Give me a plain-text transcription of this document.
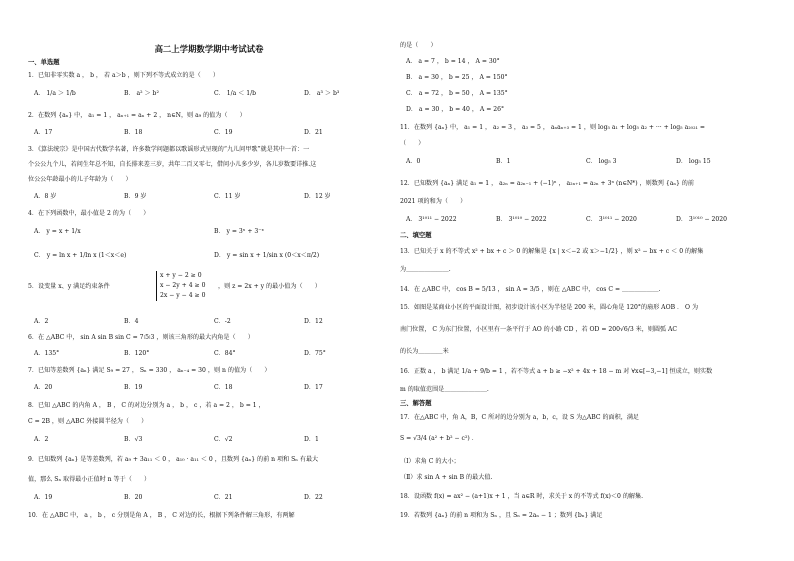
高二上学期数学期中考试试卷
一、单选题
1．已知非零实数 a ， b ， 若 a＞b ，则下列不等式成立的是（　　）
A． 1/a ＞ 1/b	B． a² ＞ b²	C． 1/a ＜ 1/b	D． a³ ＞ b³
2．在数列 {aₙ} 中， a₁ = 1 ， aₙ₊₁ = aₙ + 2 ， n∈N，则 a₉ 的值为（　　）
A．17	B．18	C．19	D．21
3．《算法统宗》是中国古代数学名著，许多数学问题都以歌谣形式呈现的“九儿问甲歌”就是其中一首：一
个公公九个儿，若问生年总不知，自长排来差三岁，共年二百又零七，借问小儿多少岁，各儿岁数要详推.这
位公公年龄最小的儿子年龄为（　　）
A．8 岁	B．9 岁	C．11 岁	D．12 岁
4．在下列函数中，最小值是 2 的为（　　）
A． y = x + 1/x	B． y = 3ˣ + 3⁻ˣ
C． y = ln x + 1/ln x (1＜x＜e)	D． y = sin x + 1/sin x (0＜x＜π/2)
5．设变量 x、y 满足约束条件
x + y − 2 ≥ 0
x − 2y + 4 ≥ 0
2x − y − 4 ≥ 0
，则 z = 2x + y 的最小值为（　　）
A．2	B．4	C．-2	D．12
6．在 △ABC 中， sin A sin B sin C = 7∶5∶3 ，则该三角形的最大内角是（　　）
A．135°	B．120°	C．84°	D．75°
7．已知等差数列 {aₙ} 满足 S₉ = 27 ， Sₙ = 330 ， aₙ₋₄ = 30 ，则 n 的值为（　　）
A．20	B．19	C．18	D．17
8．已知 △ABC 的内角 A ， B ， C 的对边分别为 a ， b ， c ，若 a = 2 ， b = 1 ，
C = 2B ，则 △ABC 外接圆半径为（　　）
A．2	B．√3	C．√2	D．1
9．已知数列 {aₙ} 是等差数列，若 a₉ + 3a₁₁ ＜ 0 ， a₁₀ · a₁₁ ＜ 0 ，且数列 {aₙ} 的前 n 项和 Sₙ 有最大
值，那么 Sₙ 取得最小正值时 n 等于（　　）
A．19	B．20	C．21	D．22
10．在 △ABC 中， a ， b ， c 分别是角 A ， B ， C 对边的长，根据下列条件解三角形，有两解
的是（　　）
A． a = 7 ， b = 14 ， A = 30°
B． a = 30 ， b = 25 ， A = 150°
C． a = 72 ， b = 50 ， A = 135°
D． a = 30 ， b = 40 ， A = 26°
11．在数列 {aₙ} 中， a₁ = 1 ， a₂ = 3 ， a₃ = 5 ， aₙaₙ₊₃ = 1 ，则 log₅ a₁ + log₅ a₂ + ··· + log₅ a₂₀₂₁ =
（　　）
A．0	B．1	C． log₅ 3	D． log₅ 15
12．已知数列 {aₙ} 满足 a₁ = 1 ， a₂ₙ = a₂ₙ₋₁ + (−1)ⁿ ， a₂ₙ₊₁ = a₂ₙ + 3ⁿ (n∈N*) ，则数列 {aₙ} 的前
2021 项的和为（　　）
A． 3¹⁰¹¹ − 2022	B． 3¹⁰¹⁰ − 2022	C． 3¹⁰¹¹ − 2020	D． 3¹⁰¹⁰ − 2020
二、填空题
13．已知关于 x 的不等式 x² + bx + c ＞ 0 的解集是 {x | x＜−2 或 x＞−1/2} ，则 x² − bx + c ＜ 0 的解集
为＿＿＿＿＿＿＿.
14．在 △ABC 中， cos B = 5/13 ， sin A = 3/5 ，则在 △ABC 中， cos C = ＿＿＿＿＿＿.
15．如图是某商业小区的平面设计图，初步设计该小区为半径是 200 米，圆心角是 120°的扇形 AOB ． O 为
南门位置， C 为东门位置，小区里有一条平行于 AO 的小路 CD ，若 OD = 200√6/3 米，则圆弧 AC
的长为＿＿＿＿米
16．正数 a ， b 满足 1/a + 9/b = 1 ，若不等式 a + b ≥ −x² + 4x + 18 − m 对 ∀x∈[−3,−1] 恒成立，则实数
m 的取值范围是＿＿＿＿＿＿＿.
三、解答题
17．在△ABC 中，角 A，B，C 所对的边分别为 a，b，c，设 S 为△ABC 的面积，满足
S = √3/4 (a² + b² − c²) ．
（Ⅰ）求角 C 的大小；
（Ⅱ）求 sin A + sin B 的最大值.
18．设函数 f(x) = ax² − (a+1)x + 1 ，当 a∈R 时，求关于 x 的不等式 f(x)＜0 的解集.
19．若数列 {aₙ} 的前 n 项和为 Sₙ ，且 Sₙ = 2aₙ − 1 ；数列 {bₙ} 满足
